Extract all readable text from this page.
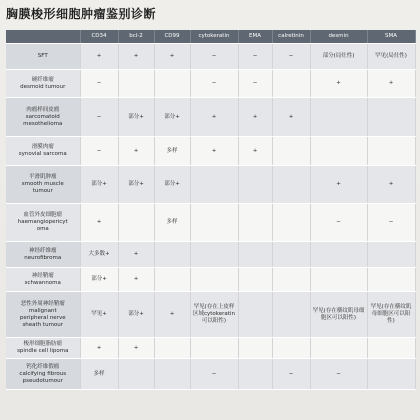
胸膜梭形细胞肿瘤鉴别诊断
	CD34	bcl-2	CD99	cytokeratin	EMA	calretinin	desmin	SMA

SFT	+	+	+	−	−	−	部分(局灶性)	罕见(局灶性)

硬纤维瘤
desmoid tumour	−			−	−		+	+

肉瘤样间皮瘤
sarcomatoid
mesothelioma	−	部分+	部分+	+	+	+		

滑膜肉瘤
synovial sarcoma	−	+	多样	+	+			

平滑肌肿瘤
smooth muscle
tumour	部分+	部分+	部分+				+	+

血管外皮细胞瘤
haemangiopericyt
oma	+		多样				−	−

神经纤维瘤
neurofibroma	大多数+	+						

神经鞘瘤
schwannoma	部分+	+						

恶性外周神经鞘瘤
malignant
peripheral nerve
sheath tumour	罕见+	部分+	+	罕见(存在上皮样区域cytokeratin可以阳性)			罕见(存在横纹肌母细胞区可以阳性)	罕见(存在横纹肌母细胞区可以阳性)

梭形细胞脂肪瘤
spindle cell lipoma	+	+						

钙化纤维假瘤
calcifying fibrous
pseudotumour	多样			−		−	−	
